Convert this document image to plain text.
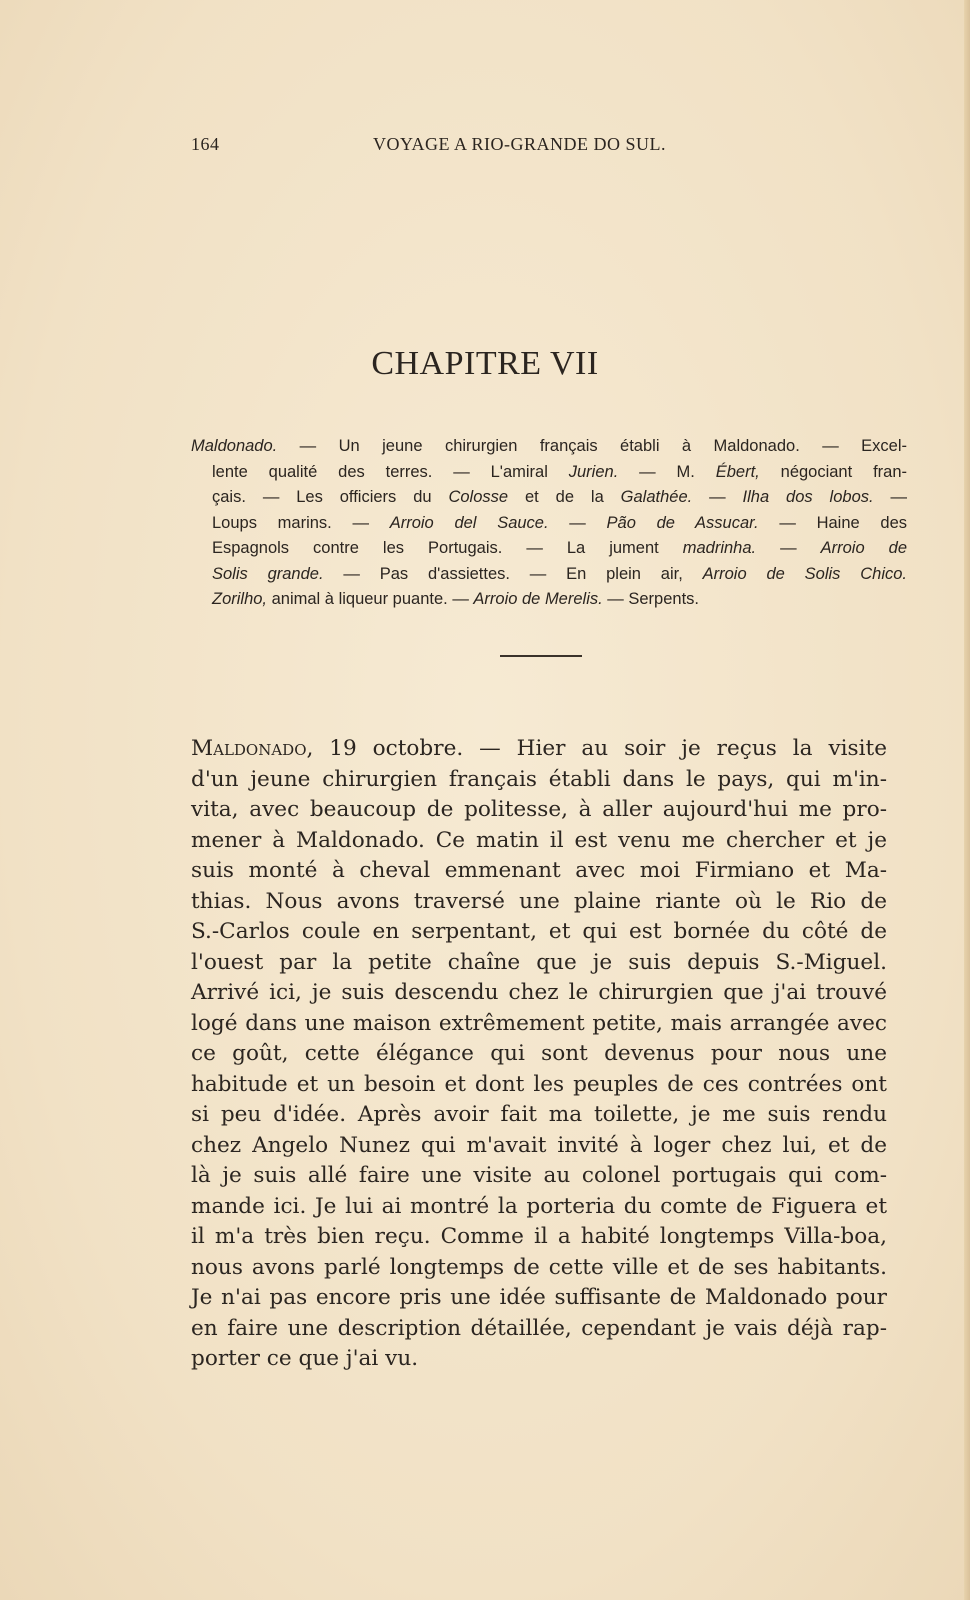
164	VOYAGE A RIO-GRANDE DO SUL.
CHAPITRE VII
Maldonado. — Un jeune chirurgien français établi à Maldonado. — Excel-
lente qualité des terres. — L'amiral Jurien. — M. Ébert, négociant fran-
çais. — Les officiers du Colosse et de la Galathée. — Ilha dos lobos. —
Loups marins. — Arroio del Sauce. — Pão de Assucar. — Haine des
Espagnols contre les Portugais. — La jument madrinha. — Arroio de
Solis grande. — Pas d'assiettes. — En plein air, Arroio de Solis Chico.
Zorilho, animal à liqueur puante. — Arroio de Merelis. — Serpents.
Maldonado, 19 octobre. — Hier au soir je reçus la visite
d'un jeune chirurgien français établi dans le pays, qui m'in-
vita, avec beaucoup de politesse, à aller aujourd'hui me pro-
mener à Maldonado. Ce matin il est venu me chercher et je
suis monté à cheval emmenant avec moi Firmiano et Ma-
thias. Nous avons traversé une plaine riante où le Rio de
S.-Carlos coule en serpentant, et qui est bornée du côté de
l'ouest par la petite chaîne que je suis depuis S.-Miguel.
Arrivé ici, je suis descendu chez le chirurgien que j'ai trouvé
logé dans une maison extrêmement petite, mais arrangée avec
ce goût, cette élégance qui sont devenus pour nous une
habitude et un besoin et dont les peuples de ces contrées ont
si peu d'idée. Après avoir fait ma toilette, je me suis rendu
chez Angelo Nunez qui m'avait invité à loger chez lui, et de
là je suis allé faire une visite au colonel portugais qui com-
mande ici. Je lui ai montré la porteria du comte de Figuera et
il m'a très bien reçu. Comme il a habité longtemps Villa-boa,
nous avons parlé longtemps de cette ville et de ses habitants.
Je n'ai pas encore pris une idée suffisante de Maldonado pour
en faire une description détaillée, cependant je vais déjà rap-
porter ce que j'ai vu.
